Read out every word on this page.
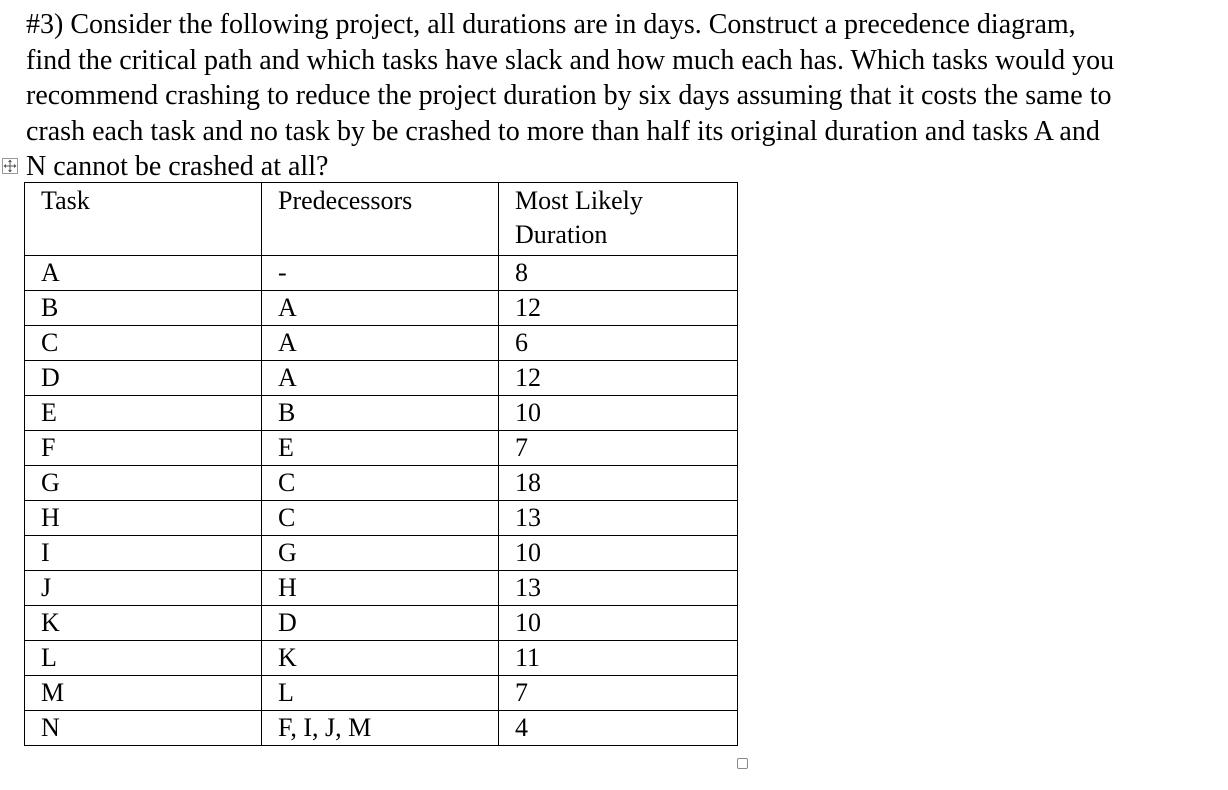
#3) Consider the following project, all durations are in days. Construct a precedence diagram,
find the critical path and which tasks have slack and how much each has. Which tasks would you
recommend crashing to reduce the project duration by six days assuming that it costs the same to
crash each task and no task by be crashed to more than half its original duration and tasks A and
N cannot be crashed at all?

Task	Predecessors	Most Likely
Duration
A	-	8
B	A	12
C	A	6
D	A	12
E	B	10
F	E	7
G	C	18
H	C	13
I	G	10
J	H	13
K	D	10
L	K	11
M	L	7
N	F, I, J, M	4
